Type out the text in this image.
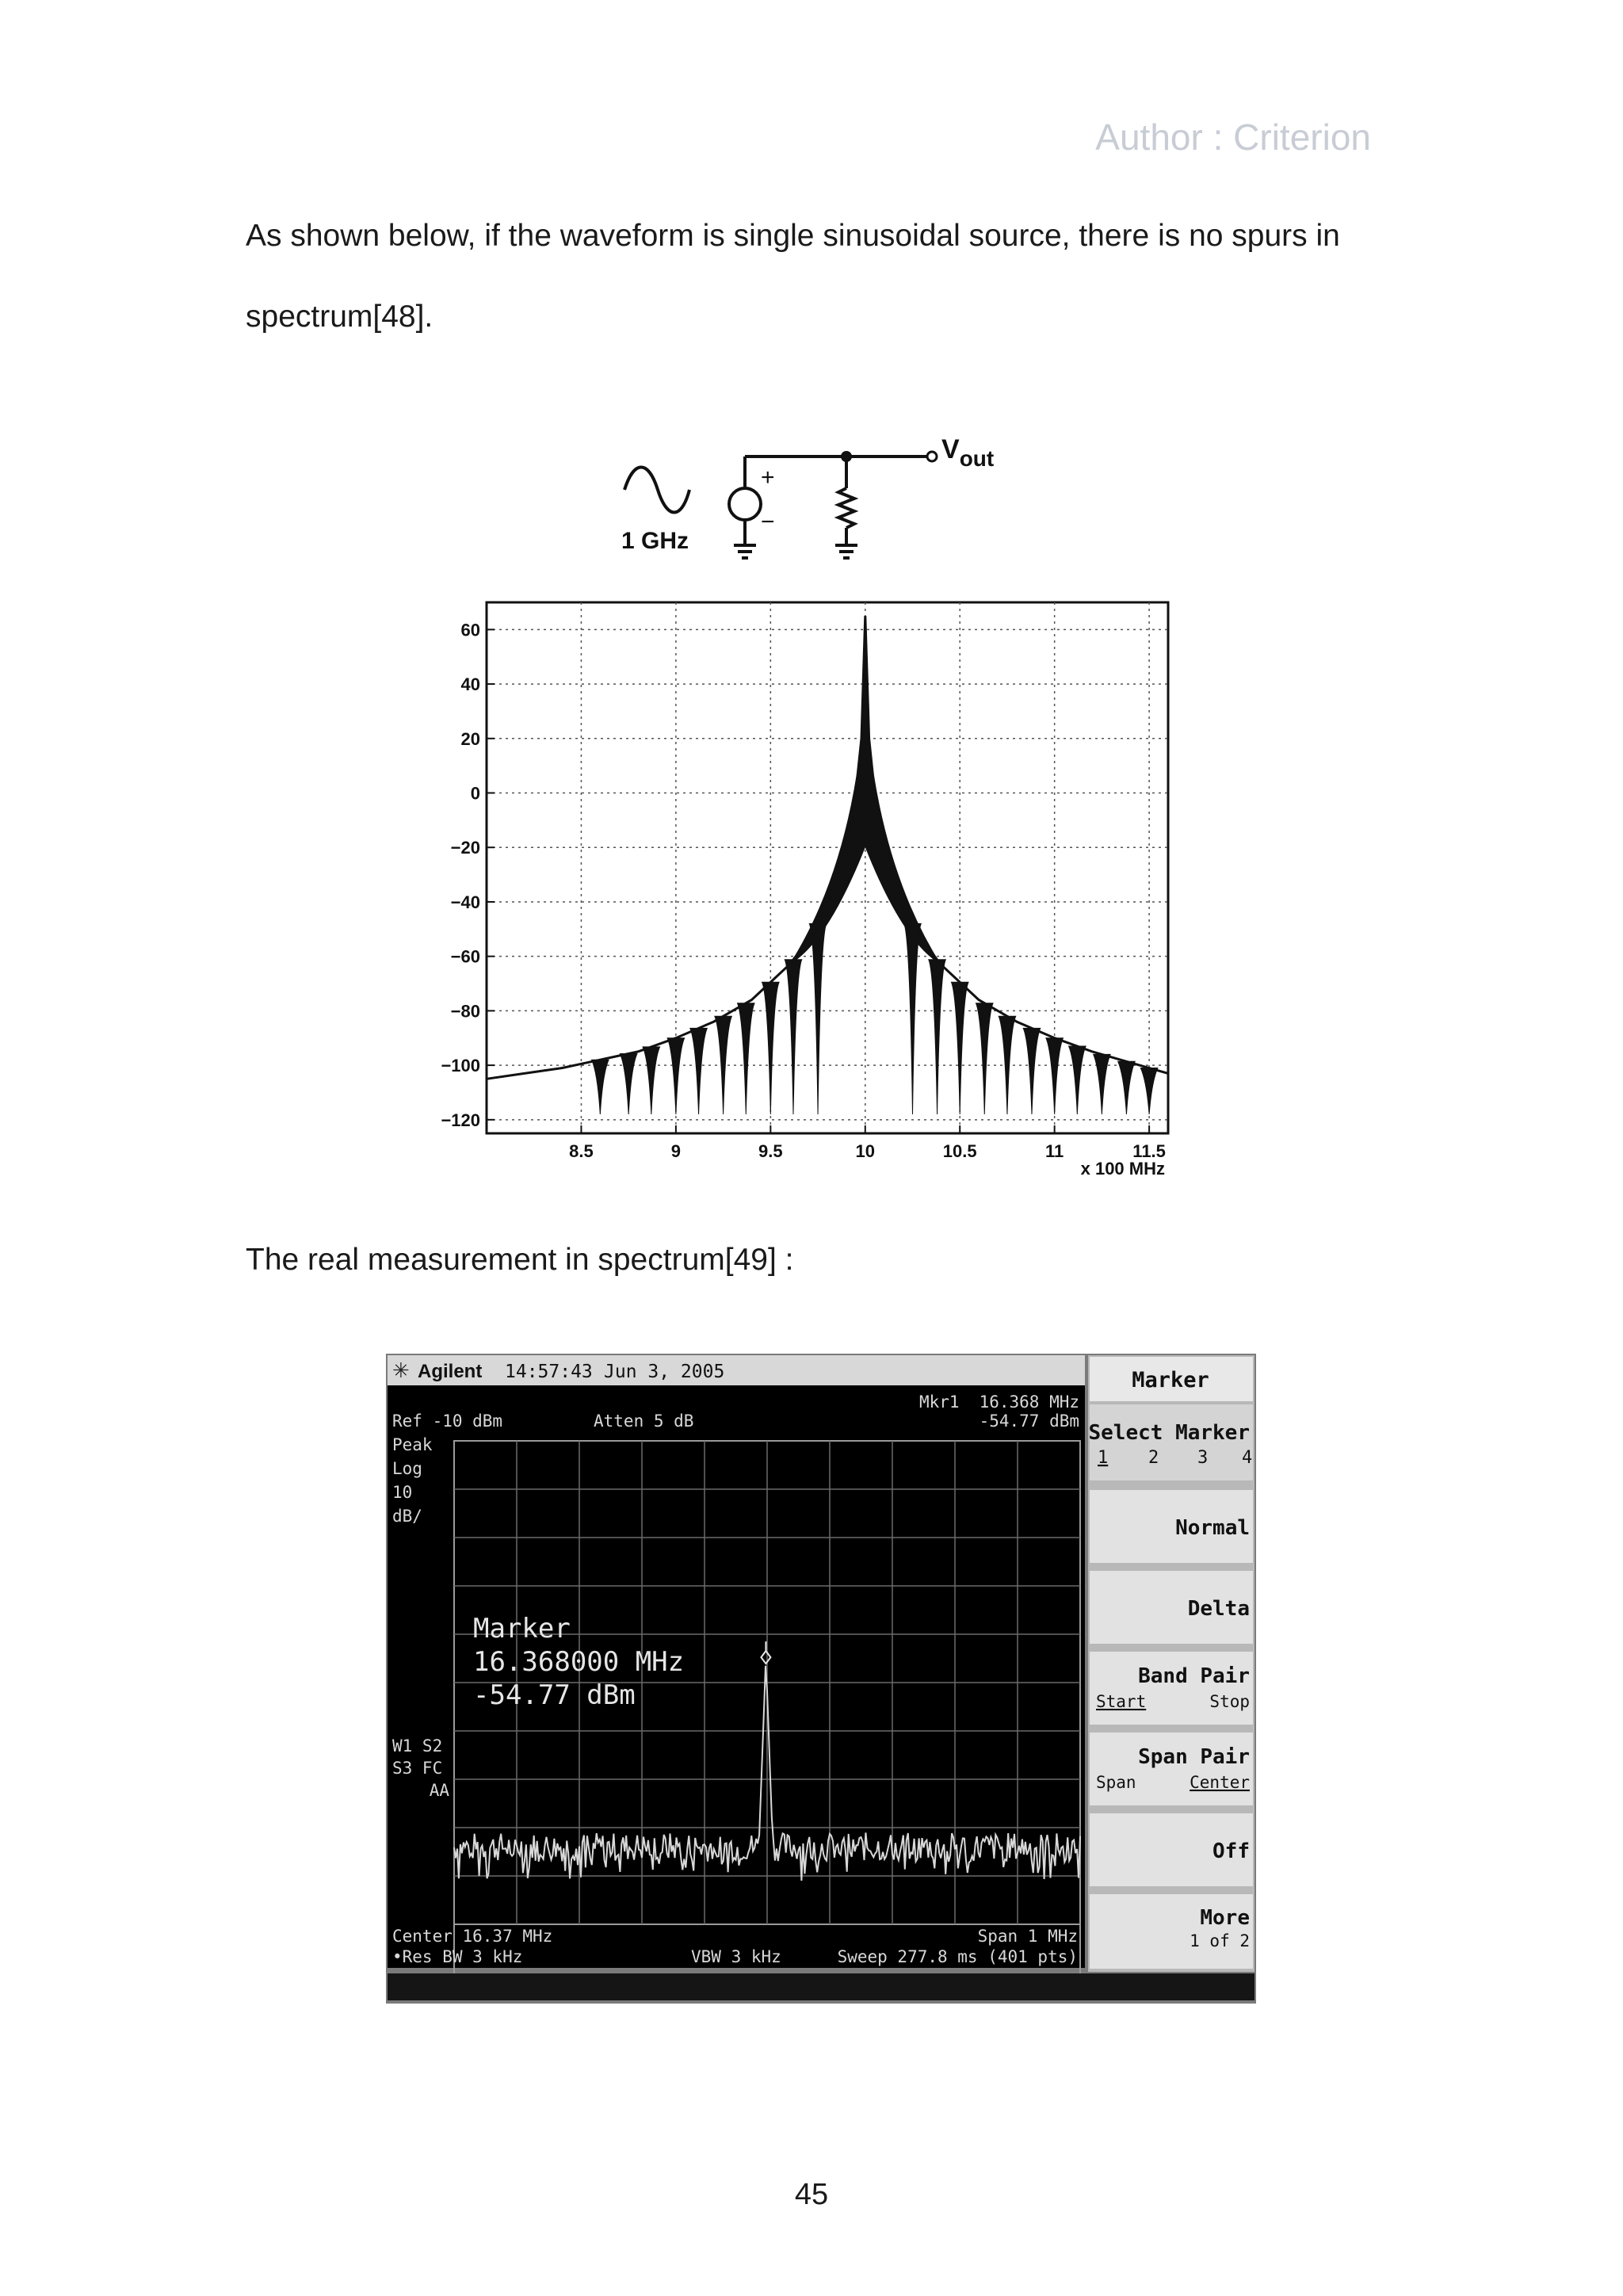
Author : Criterion
As shown below, if the waveform is single sinusoidal source, there is no spurs in
spectrum[48].
1 GHz
+
−
$V_{out}$
60
40
20
0
−20
−40
−60
−80
−100
−120
8.5	9	9.5	10	10.5	11	11.5
x 100 MHz
The real measurement in spectrum[49] :
✳ Agilent 14:57:43 Jun 3, 2005
Mkr1 16.368 MHz
-54.77 dBm
Ref -10 dBm	Atten 5 dB
Peak
Log
10
dB/
W1 S2
S3 FC
AA
Marker
16.368000 MHz
-54.77 dBm
Center 16.37 MHz	Span 1 MHz
•Res BW 3 kHz	VBW 3 kHz	Sweep 277.8 ms (401 pts)
Marker
Select Marker
1 2 3 4
Normal
Delta
Band Pair
Start	Stop
Span Pair
Span	Center
Off
More
1 of 2
45
